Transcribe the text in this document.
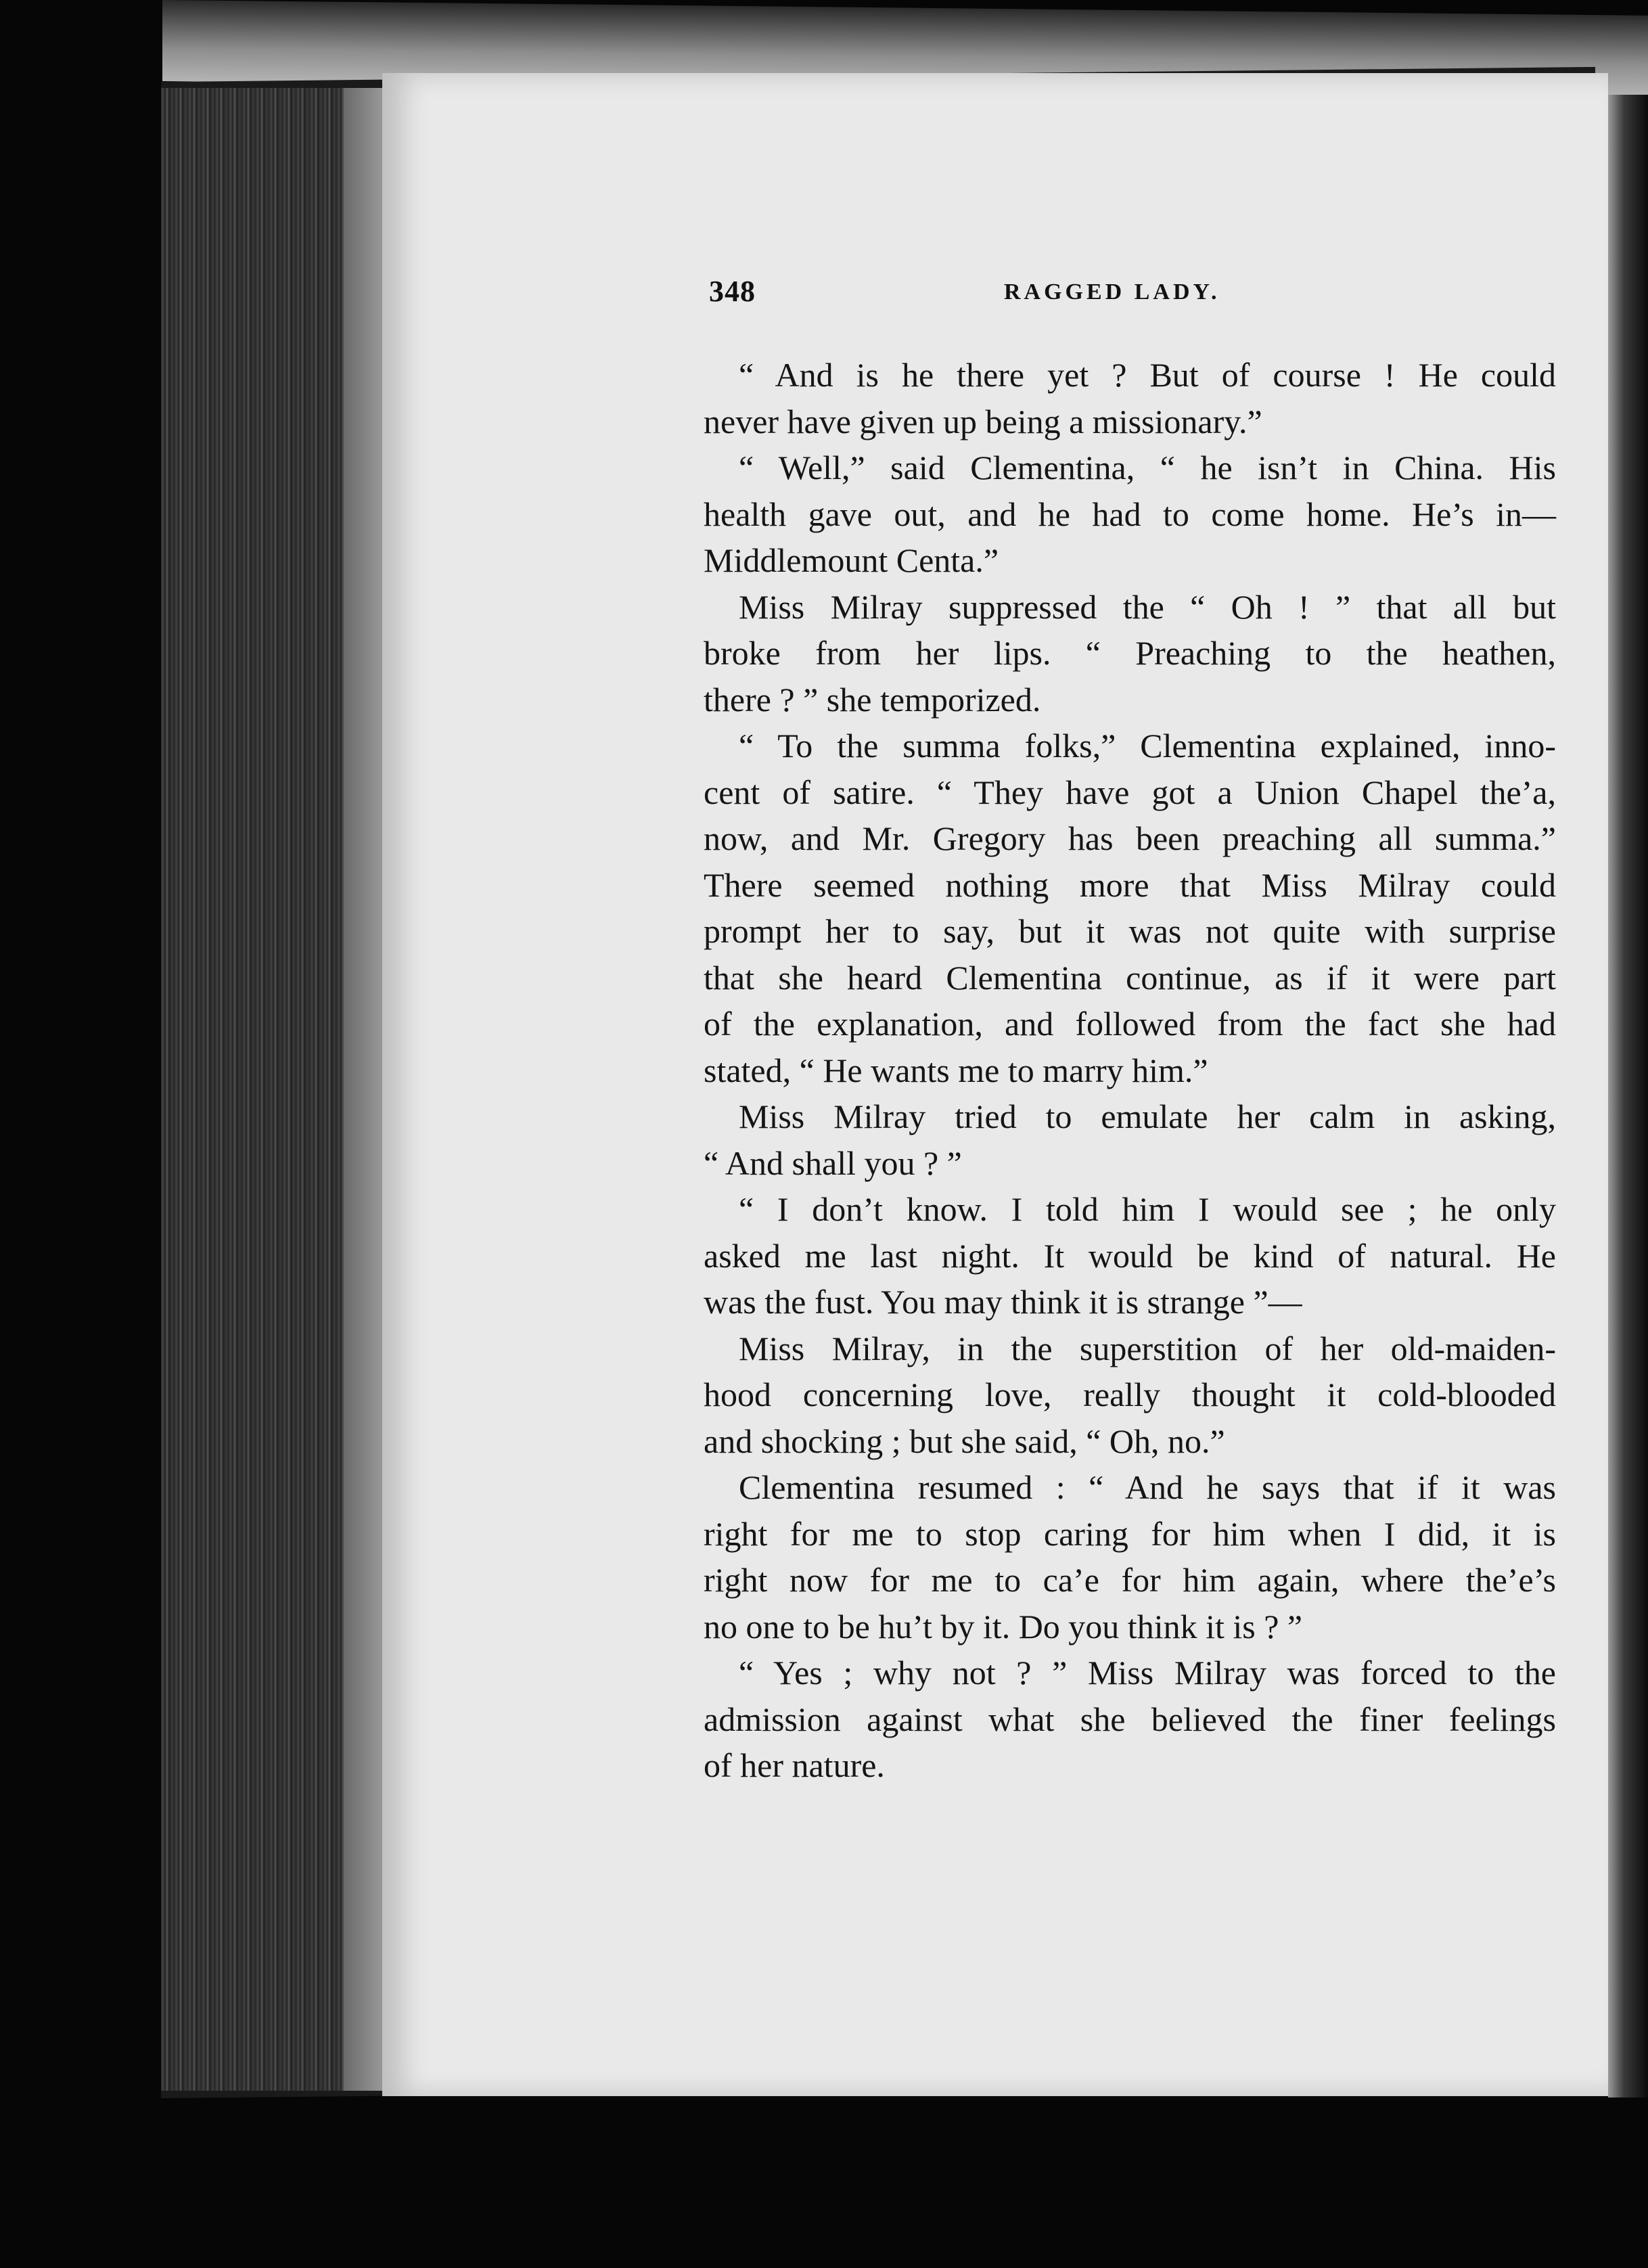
348	RAGGED LADY.
“ And is he there yet ? But of course ! He could
never have given up being a missionary.”
“ Well,” said Clementina, “ he isn’t in China. His
health gave out, and he had to come home. He’s in—
Middlemount Centa.”
Miss Milray suppressed the “ Oh ! ” that all but
broke from her lips. “ Preaching to the heathen,
there ? ” she temporized.
“ To the summa folks,” Clementina explained, inno-
cent of satire. “ They have got a Union Chapel the’a,
now, and Mr. Gregory has been preaching all summa.”
There seemed nothing more that Miss Milray could
prompt her to say, but it was not quite with surprise
that she heard Clementina continue, as if it were part
of the explanation, and followed from the fact she had
stated, “ He wants me to marry him.”
Miss Milray tried to emulate her calm in asking,
“ And shall you ? ”
“ I don’t know. I told him I would see ; he only
asked me last night. It would be kind of natural. He
was the fust. You may think it is strange ”—
Miss Milray, in the superstition of her old-maiden-
hood concerning love, really thought it cold-blooded
and shocking ; but she said, “ Oh, no.”
Clementina resumed : “ And he says that if it was
right for me to stop caring for him when I did, it is
right now for me to ca’e for him again, where the’e’s
no one to be hu’t by it. Do you think it is ? ”
“ Yes ; why not ? ” Miss Milray was forced to the
admission against what she believed the finer feelings
of her nature.
